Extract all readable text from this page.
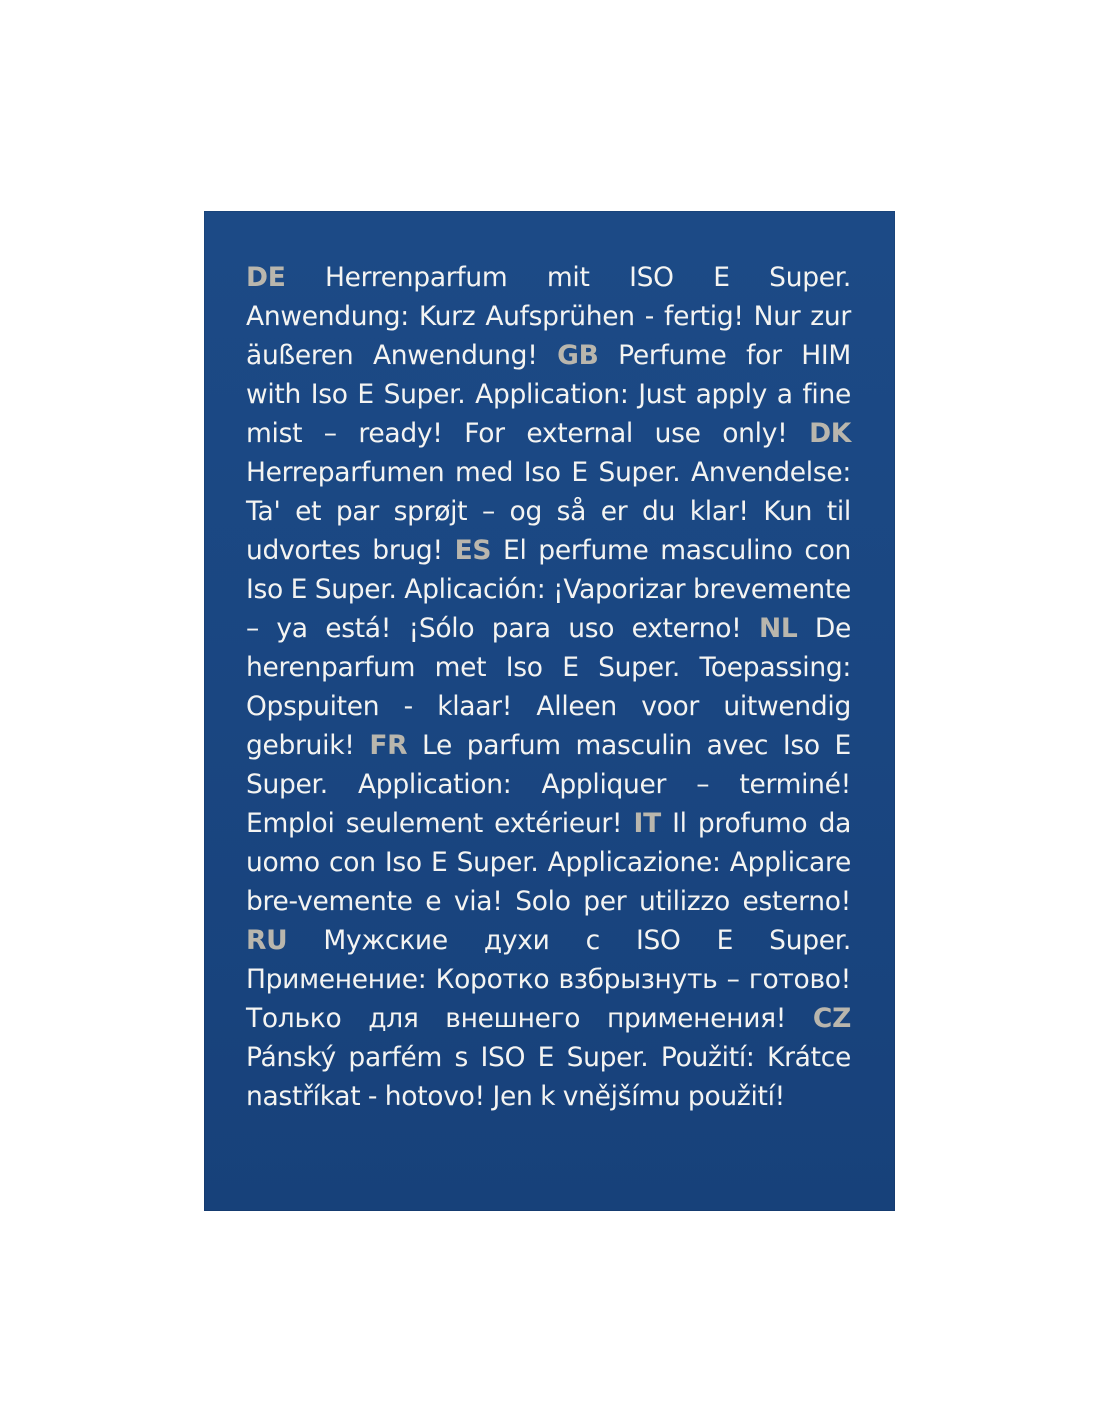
DE Herrenparfum mit ISO E Super. Anwendung: Kurz Aufsprühen - fertig! Nur zur äußeren Anwendung! GB Perfume for HIM with Iso E Super. Application: Just apply a fine mist – ready! For external use only! DK Herreparfumen med Iso E Super. Anvendelse: Ta' et par sprøjt – og så er du klar! Kun til udvortes brug! ES El perfume masculino con Iso E Super. Aplicación: ¡Vaporizar brevemente – ya está! ¡Sólo para uso externo! NL De herenparfum met Iso E Super. Toepassing: Opspuiten - klaar! Alleen voor uitwendig gebruik! FR Le parfum masculin avec Iso E Super. Application: Appliquer – terminé! Emploi seulement extérieur! IT Il profumo da uomo con Iso E Super. Applicazione: Applicare bre-vemente e via! Solo per utilizzo esterno! RU Мужские духи с ISO E Super. Применение: Коротко взбрызнуть – готово! Только для внешнего применения! CZ Pánský parfém s ISO E Super. Použití: Krátce nastříkat - hotovo! Jen k vnějšímu použití!
